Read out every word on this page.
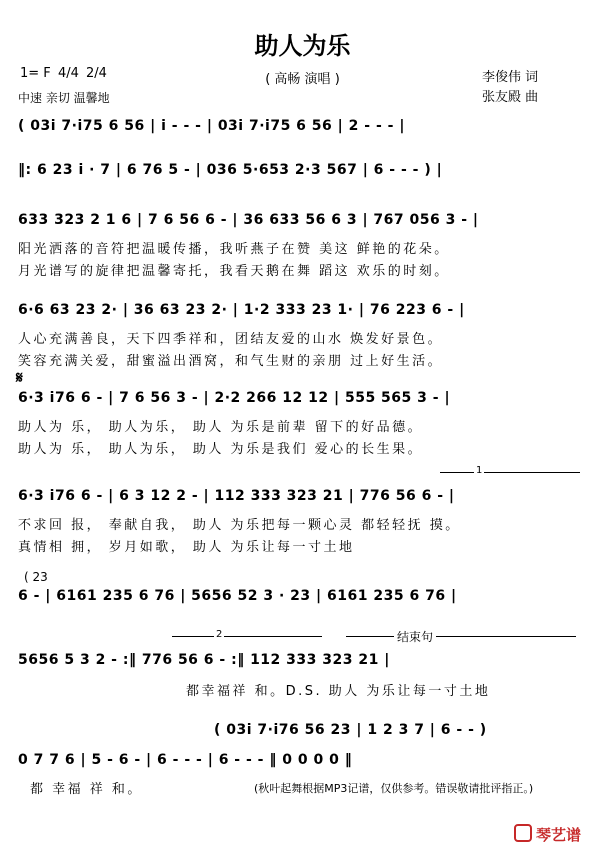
助人为乐
( 高畅 演唱 )
1= F 4/4 2/4
中速 亲切 温馨地
李俊伟 词
张友殿 曲
( 03i 7·i75 6 56 | i - - - | 03i 7·i75 6 56 | 2 - - - |
‖: 6 23 i · 7 | 6 76 5 - | 036 5·653 2·3 567 | 6 - - - ) |
633 323 2 1 6 | 7 6 56 6 - | 36 633 56 6 3 | 767 056 3 - |
阳光洒落的音符把温暖传播，我听燕子在赞 美这 鲜艳的花朵。
月光谱写的旋律把温馨寄托，我看天鹅在舞 蹈这 欢乐的时刻。
6·6 63 23 2· | 36 63 23 2· | 1·2 333 23 1· | 76 223 6 - |
人心充满善良，天下四季祥和，团结友爱的山水 焕发好景色。
笑容充满关爱，甜蜜溢出酒窝，和气生财的亲朋 过上好生活。
𝄋
6·3 i76 6 - | 7 6 56 3 - | 2·2 266 12 12 | 555 565 3 - |
助人为 乐， 助人为乐， 助人 为乐是前辈 留下的好品德。
助人为 乐， 助人为乐， 助人 为乐是我们 爱心的长生果。
1
6·3 i76 6 - | 6 3 12 2 - | 112 333 323 21 | 776 56 6 - |
不求回 报， 奉献自我， 助人 为乐把每一颗心灵 都轻轻抚 摸。
真情相 拥， 岁月如歌， 助人 为乐让每一寸土地
( 23
6 - | 6161 235 6 76 | 5656 52 3 · 23 | 6161 235 6 76 |
2	结束句
5656 5 3 2 - :‖ 776 56 6 - :‖ 112 333 323 21 |
都幸福祥 和。D.S. 助人 为乐让每一寸土地
( 03i 7·i76 56 23 | 1 2 3 7 | 6 - - )
0 7 7 6 | 5 - 6 - | 6 - - - | 6 - - - ‖ 0 0 0 0 ‖
都 幸福 祥 和。	(秋叶起舞根据MP3记谱，仅供参考。错误敬请批评指正。)
琴艺谱
